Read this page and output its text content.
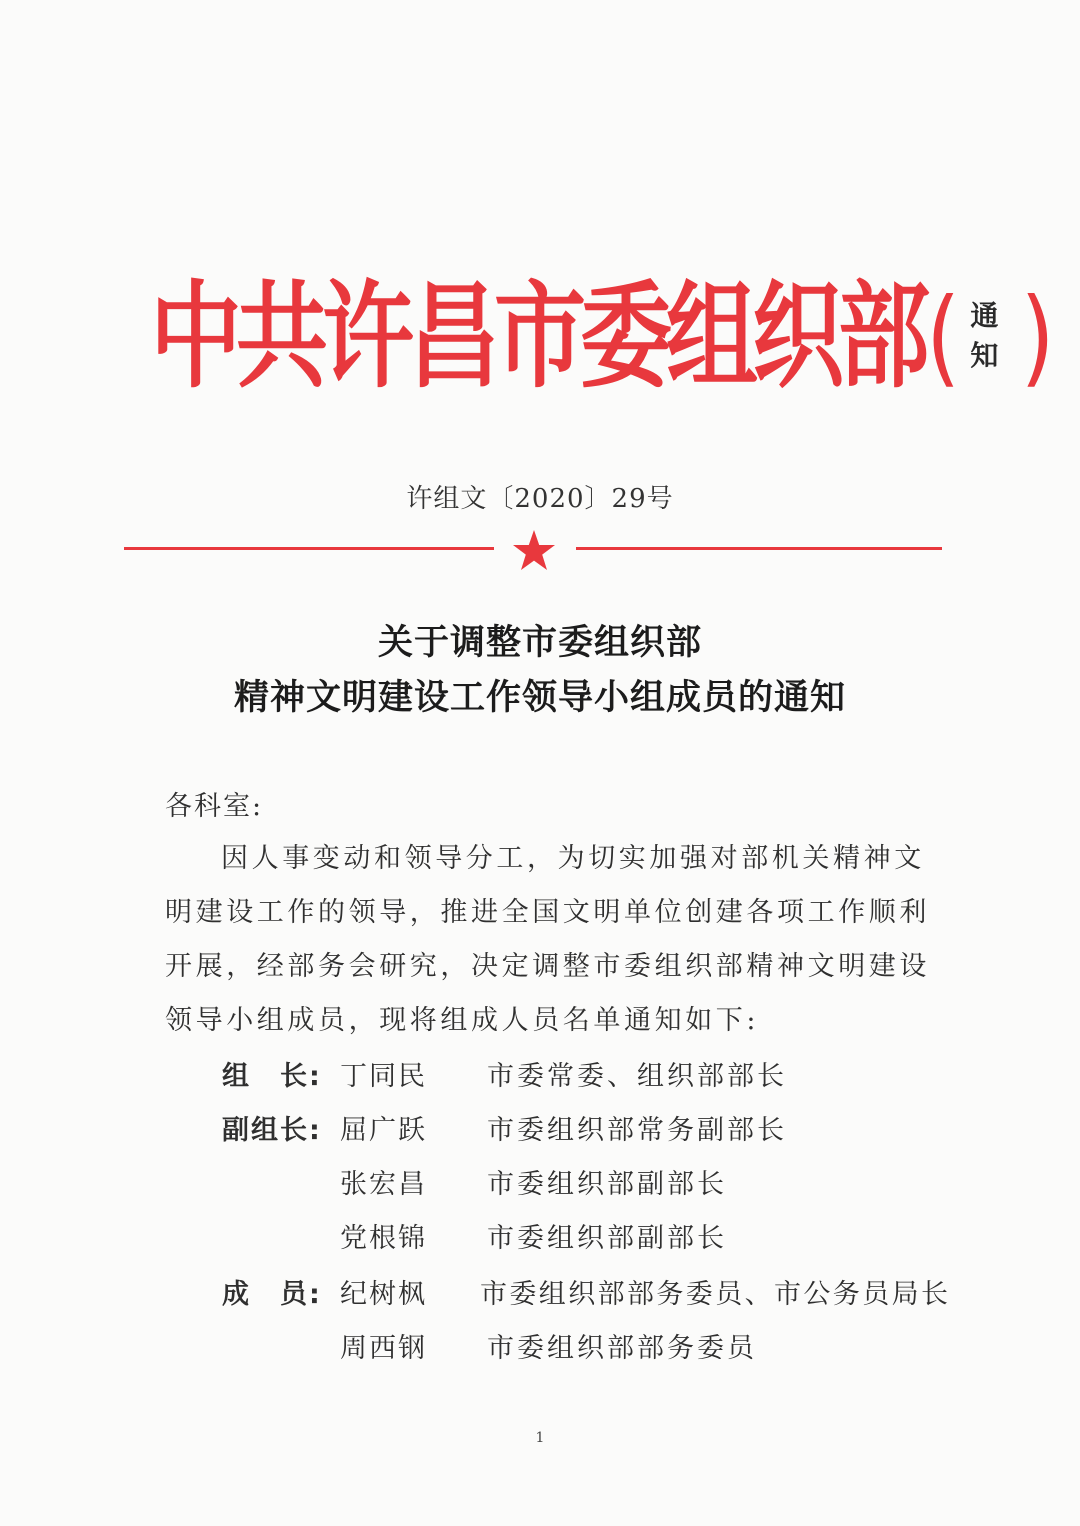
中共许昌市委组织部 ( 通知 )
许组文〔2020〕29号
关于调整市委组织部
精神文明建设工作领导小组成员的通知
各科室:
因人事变动和领导分工，为切实加强对部机关精神文明建设工作的领导，推进全国文明单位创建各项工作顺利开展，经部务会研究，决定调整市委组织部精神文明建设领导小组成员，现将组成人员名单通知如下:
组　长: 丁同民 市委常委、组织部部长
副组长: 屈广跃 市委组织部常务副部长
张宏昌 市委组织部副部长
党根锦 市委组织部副部长
成　员: 纪树枫 市委组织部部务委员、市公务员局长
周西钢 市委组织部部务委员
1
